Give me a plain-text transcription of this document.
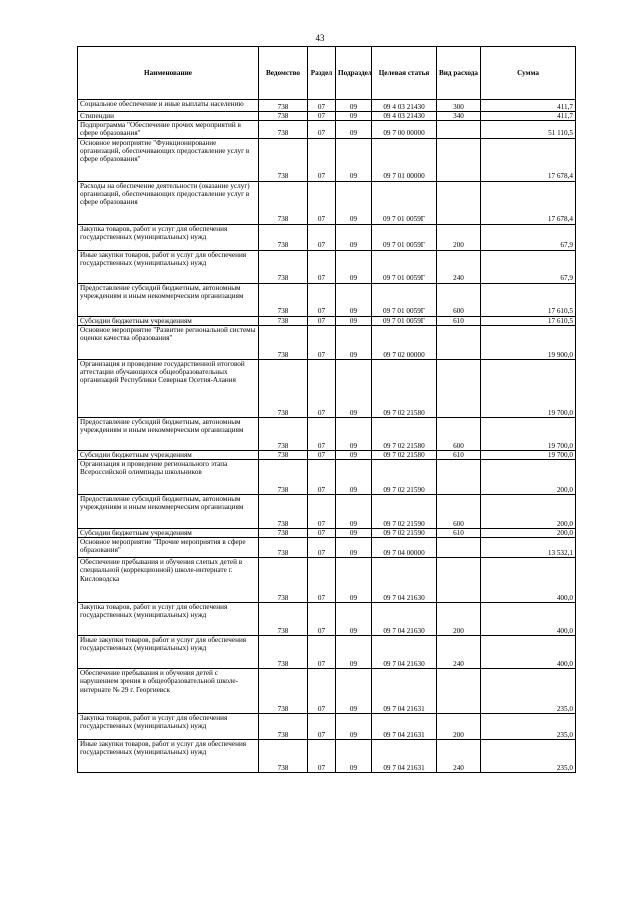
43
Наименование	Ведомство	Раздел	Подраздел	Целевая статья	Вид расхода	Сумма
Социальное обеспечение и иные выплаты населению	738	07	09	09 4 03 21430	300	411,7
Стипендии	738	07	09	09 4 03 21430	340	411,7
Подпрограмма "Обеспечение прочих мероприятий в сфере образования"	738	07	09	09 7 00 00000		51 110,5
Основное мероприятие "Функционирование организаций, обеспечивающих предоставление услуг в сфере образования"	738	07	09	09 7 01 00000		17 678,4
Расходы на обеспечение деятельности (оказание услуг) организаций, обеспечивающих предоставление услуг в сфере образования	738	07	09	09 7 01 0059Г		17 678,4
Закупка товаров, работ и услуг для обеспечения государственных (муниципальных) нужд	738	07	09	09 7 01 0059Г	200	67,9
Иные закупки товаров, работ и услуг для обеспечения государственных (муниципальных) нужд	738	07	09	09 7 01 0059Г	240	67,9
Предоставление субсидий бюджетным, автономным учреждениям и иным некоммерческим организациям	738	07	09	09 7 01 0059Г	600	17 610,5
Субсидии бюджетным учреждениям	738	07	09	09 7 01 0059Г	610	17 610,5
Основное мероприятие "Развитие региональной системы оценки качества образования"	738	07	09	09 7 02 00000		19 900,0
Организация и проведение государственной итоговой аттестации обучающихся общеобразовательных организаций Республики Северная Осетия-Алания	738	07	09	09 7 02 21580		19 700,0
Предоставление субсидий бюджетным, автономным учреждениям и иным некоммерческим организациям	738	07	09	09 7 02 21580	600	19 700,0
Субсидии бюджетным учреждениям	738	07	09	09 7 02 21580	610	19 700,0
Организация и проведение регионального этапа Всероссийской олимпиады школьников	738	07	09	09 7 02 21590		200,0
Предоставление субсидий бюджетным, автономным учреждениям и иным некоммерческим организациям	738	07	09	09 7 02 21590	600	200,0
Субсидии бюджетным учреждениям	738	07	09	09 7 02 21590	610	200,0
Основное мероприятие "Прочие мероприятия в сфере образования"	738	07	09	09 7 04 00000		13 532,1
Обеспечение пребывания и обучения слепых детей в специальной (коррекционной) школе-интернате г. Кисловодска	738	07	09	09 7 04 21630		400,0
Закупка товаров, работ и услуг для обеспечения государственных (муниципальных) нужд	738	07	09	09 7 04 21630	200	400,0
Иные закупки товаров, работ и услуг для обеспечения государственных (муниципальных) нужд	738	07	09	09 7 04 21630	240	400,0
Обеспечение пребывания и обучения детей с нарушением зрения в общеобразовательной школе-интернате № 29 г. Георгиевск	738	07	09	09 7 04 21631		235,0
Закупка товаров, работ и услуг для обеспечения государственных (муниципальных) нужд	738	07	09	09 7 04 21631	200	235,0
Иные закупки товаров, работ и услуг для обеспечения государственных (муниципальных) нужд	738	07	09	09 7 04 21631	240	235,0
